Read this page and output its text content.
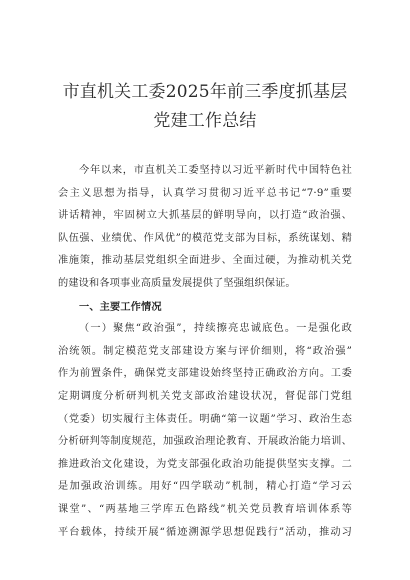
市直机关工委2025年前三季度抓基层
党建工作总结

今年以来，市直机关工委坚持以习近平新时代中国特色社
会主义思想为指导，认真学习贯彻习近平总书记“7·9”重要
讲话精神，牢固树立大抓基层的鲜明导向，以打造“政治强、
队伍强、业绩优、作风优”的模范党支部为目标，系统谋划、精
准施策，推动基层党组织全面进步、全面过硬，为推动机关党
的建设和各项事业高质量发展提供了坚强组织保证。

一、主要工作情况

（一）聚焦“政治强”，持续擦亮忠诚底色。一是强化政
治统领。制定模范党支部建设方案与评价细则，将“政治强”
作为前置条件，确保党支部建设始终坚持正确政治方向。工委
定期调度分析研判机关党支部政治建设状况，督促部门党组
（党委）切实履行主体责任。明确“第一议题”学习、政治生态
分析研判等制度规范，加强政治理论教育、开展政治能力培训、
推进政治文化建设，为党支部强化政治功能提供坚实支撑。二
是加强政治训练。用好“四学联动”机制，精心打造“学习云
课堂”、“两基地三学库五色路线”机关党员教育培训体系等
平台载体，持续开展“循迹溯源学思想促践行”活动，推动习
